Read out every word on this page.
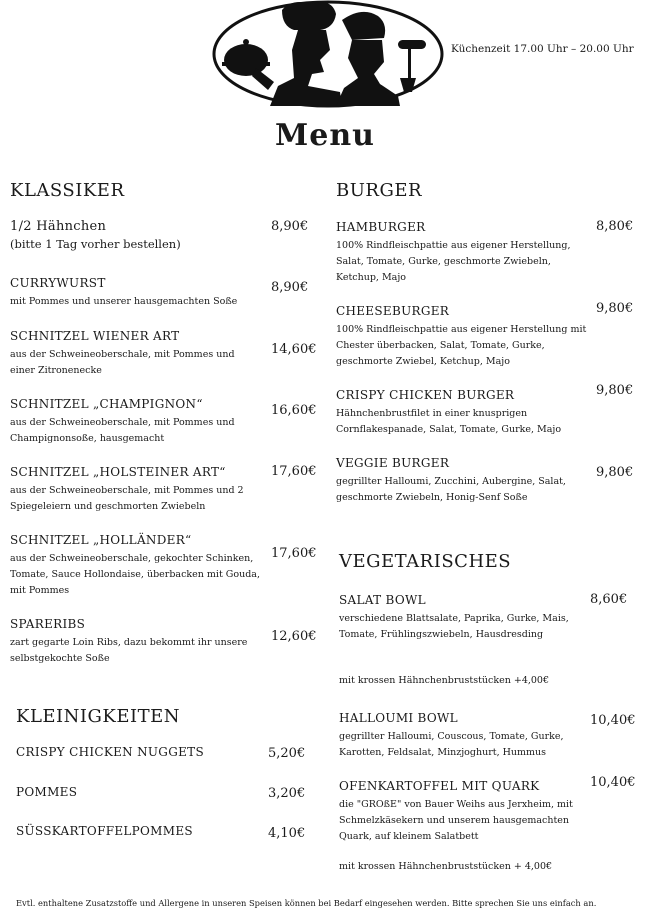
Küchenzeit 17.00 Uhr – 20.00 Uhr
Menu
KLASSIKER
1/2 Hähnchen
(bitte 1 Tag vorher bestellen)
8,90€
CURRYWURST
mit Pommes und unserer hausgemachten Soße
8,90€
SCHNITZEL WIENER ART
aus der Schweineoberschale, mit Pommes und einer Zitronenecke
14,60€
SCHNITZEL „CHAMPIGNON“
aus der Schweineoberschale, mit Pommes und Champignonsoße, hausgemacht
16,60€
SCHNITZEL „HOLSTEINER ART“
aus der Schweineoberschale, mit Pommes und 2 Spiegeleiern und geschmorten Zwiebeln
17,60€
SCHNITZEL „HOLLÄNDER“
aus der Schweineoberschale, gekochter Schinken, Tomate, Sauce Hollondaise, überbacken mit Gouda, mit Pommes
17,60€
SPARERIBS
zart gegarte Loin Ribs, dazu bekommt ihr unsere selbstgekochte Soße
12,60€
KLEINIGKEITEN
CRISPY CHICKEN NUGGETS	5,20€
POMMES	3,20€
SÜSSKARTOFFELPOMMES	4,10€
BURGER
HAMBURGER
100% Rindfleischpattie aus eigener Herstellung, Salat, Tomate, Gurke, geschmorte Zwiebeln, Ketchup, Majo
8,80€
CHEESEBURGER
100% Rindfleischpattie aus eigener Herstellung mit Chester überbacken, Salat, Tomate, Gurke, geschmorte Zwiebel, Ketchup, Majo
9,80€
CRISPY CHICKEN BURGER
Hähnchenbrustfilet in einer knusprigen Cornflakespanade, Salat, Tomate, Gurke, Majo
9,80€
VEGGIE BURGER
gegrillter Halloumi, Zucchini, Aubergine, Salat, geschmorte Zwiebeln, Honig-Senf Soße
9,80€
VEGETARISCHES
SALAT BOWL
verschiedene Blattsalate, Paprika, Gurke, Mais, Tomate, Frühlingszwiebeln, Hausdresding
8,60€
mit krossen Hähnchenbruststücken +4,00€
HALLOUMI BOWL
gegrillter Halloumi, Couscous, Tomate, Gurke, Karotten, Feldsalat, Minzjoghurt, Hummus
10,40€
OFENKARTOFFEL MIT QUARK
die "GROßE" von Bauer Weihs aus Jerxheim, mit Schmelzkäsekern und unserem hausgemachten Quark, auf kleinem Salatbett
10,40€
mit krossen Hähnchenbruststücken + 4,00€
Evtl. enthaltene Zusatzstoffe und Allergene in unseren Speisen können bei Bedarf eingesehen werden. Bitte sprechen Sie uns einfach an.
